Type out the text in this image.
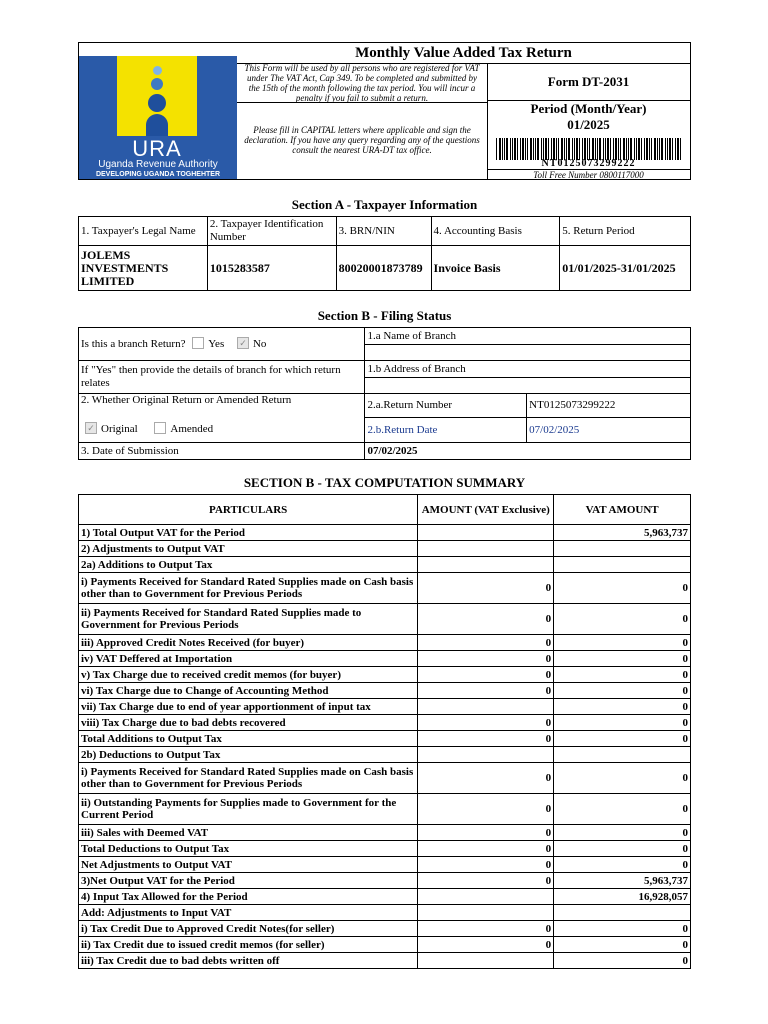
URA
Uganda Revenue Authority
DEVELOPING UGANDA TOGHEHTER
Monthly Value Added Tax Return
This Form will be used by all persons who are registered for VAT under The VAT Act, Cap 349. To be completed and submitted by the 15th of the month following the tax period. You will incur a penalty if you fail to submit a return.
Please fill in CAPITAL letters where applicable and sign the declaration. If you have any query regarding any of the questions consult the nearest URA-DT tax office.
Form DT-2031
Period (Month/Year)
01/2025
NT0125073299222
Toll Free Number 0800117000
Section A - Taxpayer Information
1. Taxpayer's Legal Name	2. Taxpayer Identification Number	3. BRN/NIN	4. Accounting Basis	5. Return Period
JOLEMS INVESTMENTS LIMITED	1015283587	80020001873789	Invoice Basis	01/01/2025-31/01/2025
Section B - Filing Status
Is this a branch Return? Yes ✓ No	1.a Name of Branch	

If "Yes" then provide the details of branch for which return relates	1.b Address of Branch	

2. Whether Original Return or Amended Return
✓ Original Amended	2.a.Return Number	NT0125073299222
	2.b.Return Date	07/02/2025
3. Date of Submission	07/02/2025	
SECTION B - TAX COMPUTATION SUMMARY
PARTICULARS	AMOUNT (VAT Exclusive)	VAT AMOUNT
1) Total Output VAT for the Period		5,963,737
2) Adjustments to Output VAT		
2a) Additions to Output Tax		
i) Payments Received for Standard Rated Supplies made on Cash basis other than to Government for Previous Periods	0	0
ii) Payments Received for Standard Rated Supplies made to Government for Previous Periods	0	0
iii) Approved Credit Notes Received (for buyer)	0	0
iv) VAT Deffered at Importation	0	0
v) Tax Charge due to received credit memos (for buyer)	0	0
vi) Tax Charge due to Change of Accounting Method	0	0
vii) Tax Charge due to end of year apportionment of input tax		0
viii) Tax Charge due to bad debts recovered	0	0
Total Additions to Output Tax	0	0
2b) Deductions to Output Tax		
i) Payments Received for Standard Rated Supplies made on Cash basis other than to Government for Previous Periods	0	0
ii) Outstanding Payments for Supplies made to Government for the Current Period	0	0
iii) Sales with Deemed VAT	0	0
Total Deductions to Output Tax	0	0
Net Adjustments to Output VAT	0	0
3)Net Output VAT for the Period	0	5,963,737
4) Input Tax Allowed for the Period		16,928,057
Add: Adjustments to Input VAT		
i) Tax Credit Due to Approved Credit Notes(for seller)	0	0
ii) Tax Credit due to issued credit memos (for seller)	0	0
iii) Tax Credit due to bad debts written off		0
